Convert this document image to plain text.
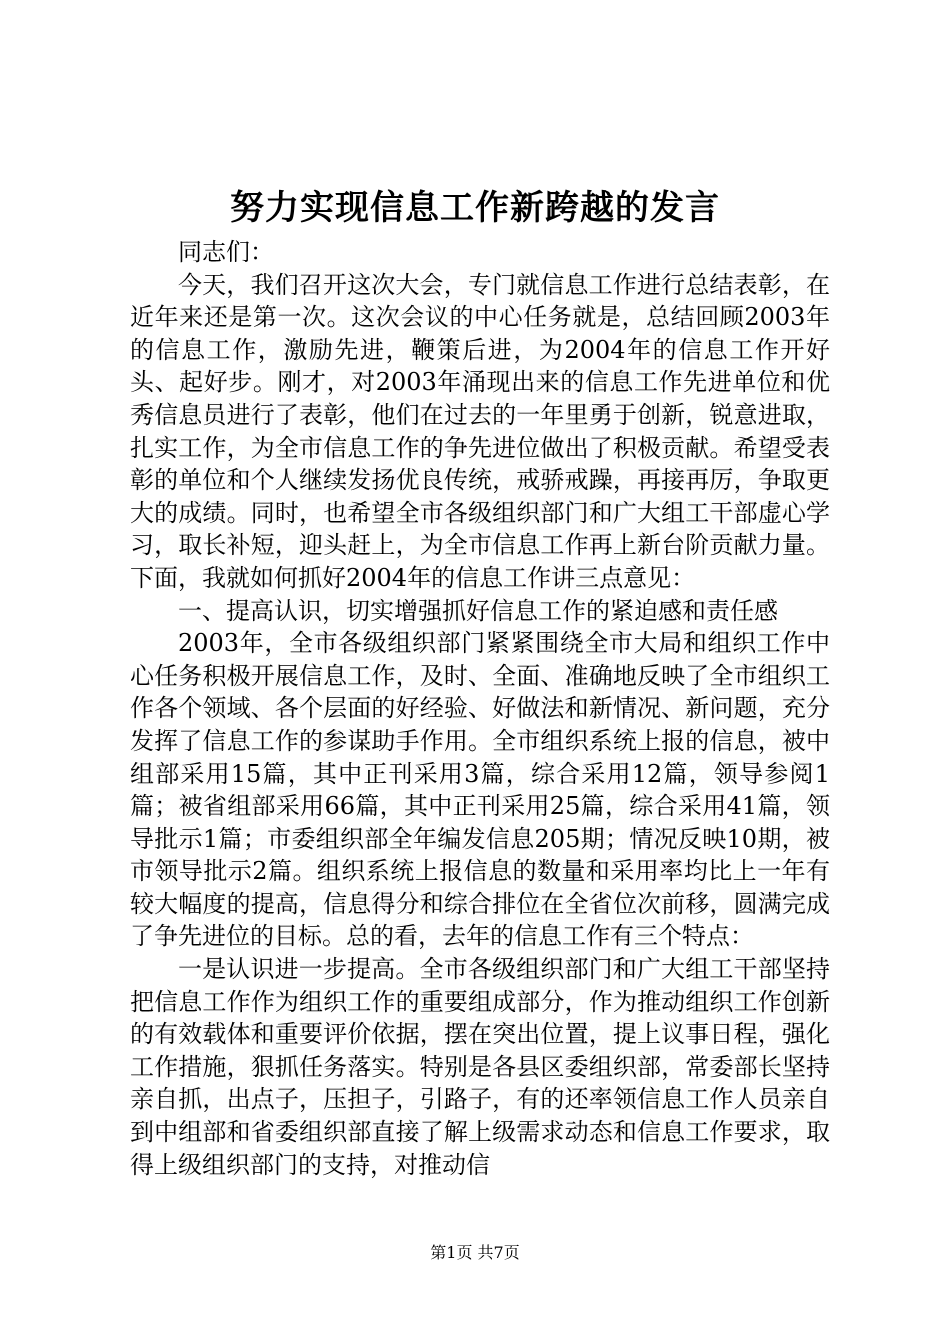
努力实现信息工作新跨越的发言

同志们：

今天，我们召开这次大会，专门就信息工作进行总结表彰，在近年来还是第一次。这次会议的中心任务就是，总结回顾2003年的信息工作，激励先进，鞭策后进，为2004年的信息工作开好头、起好步。刚才，对2003年涌现出来的信息工作先进单位和优秀信息员进行了表彰，他们在过去的一年里勇于创新，锐意进取，扎实工作，为全市信息工作的争先进位做出了积极贡献。希望受表彰的单位和个人继续发扬优良传统，戒骄戒躁，再接再厉，争取更大的成绩。同时，也希望全市各级组织部门和广大组工干部虚心学习，取长补短，迎头赶上，为全市信息工作再上新台阶贡献力量。下面，我就如何抓好2004年的信息工作讲三点意见：

一、提高认识，切实增强抓好信息工作的紧迫感和责任感

2003年，全市各级组织部门紧紧围绕全市大局和组织工作中心任务积极开展信息工作，及时、全面、准确地反映了全市组织工作各个领域、各个层面的好经验、好做法和新情况、新问题，充分发挥了信息工作的参谋助手作用。全市组织系统上报的信息，被中组部采用15篇，其中正刊采用3篇，综合采用12篇，领导参阅1篇；被省组部采用66篇，其中正刊采用25篇，综合采用41篇，领导批示1篇；市委组织部全年编发信息205期；情况反映10期，被市领导批示2篇。组织系统上报信息的数量和采用率均比上一年有较大幅度的提高，信息得分和综合排位在全省位次前移，圆满完成了争先进位的目标。总的看，去年的信息工作有三个特点：

一是认识进一步提高。全市各级组织部门和广大组工干部坚持把信息工作作为组织工作的重要组成部分，作为推动组织工作创新的有效载体和重要评价依据，摆在突出位置，提上议事日程，强化工作措施，狠抓任务落实。特别是各县区委组织部，常委部长坚持亲自抓，出点子，压担子，引路子，有的还率领信息工作人员亲自到中组部和省委组织部直接了解上级需求动态和信息工作要求，取得上级组织部门的支持，对推动信

第1页 共7页
